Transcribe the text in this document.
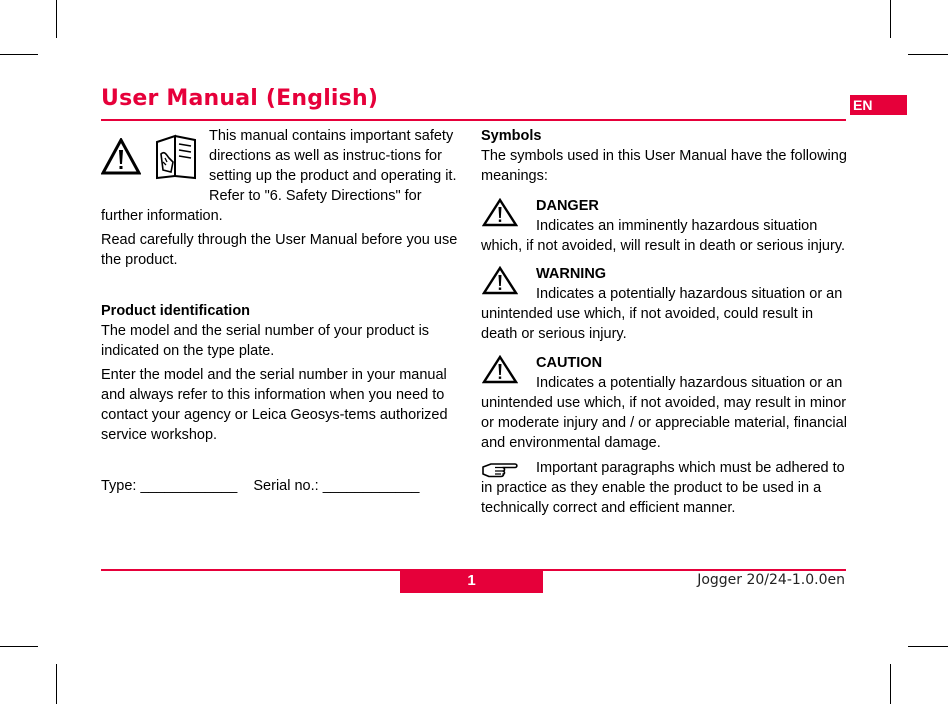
User Manual (English)	EN

This manual contains important safety directions as well as instruc-tions for setting up the product and operating it. Refer to "6. Safety Directions" for further information.

Read carefully through the User Manual before you use the product.

Product identification

The model and the serial number of your product is indicated on the type plate.

Enter the model and the serial number in your manual and always refer to this information when you need to contact your agency or Leica Geosys-tems authorized service workshop.

Type: ____________ Serial no.: ____________

Symbols

The symbols used in this User Manual have the following meanings:

DANGER
Indicates an imminently hazardous situation which, if not avoided, will result in death or serious injury.
WARNING
Indicates a potentially hazardous situation or an unintended use which, if not avoided, could result in death or serious injury.
CAUTION
Indicates a potentially hazardous situation or an unintended use which, if not avoided, may result in minor or moderate injury and / or appreciable material, financial and environmental damage.
Important paragraphs which must be adhered to in practice as they enable the product to be used in a technically correct and efficient manner.
1	Jogger 20/24-1.0.0en
